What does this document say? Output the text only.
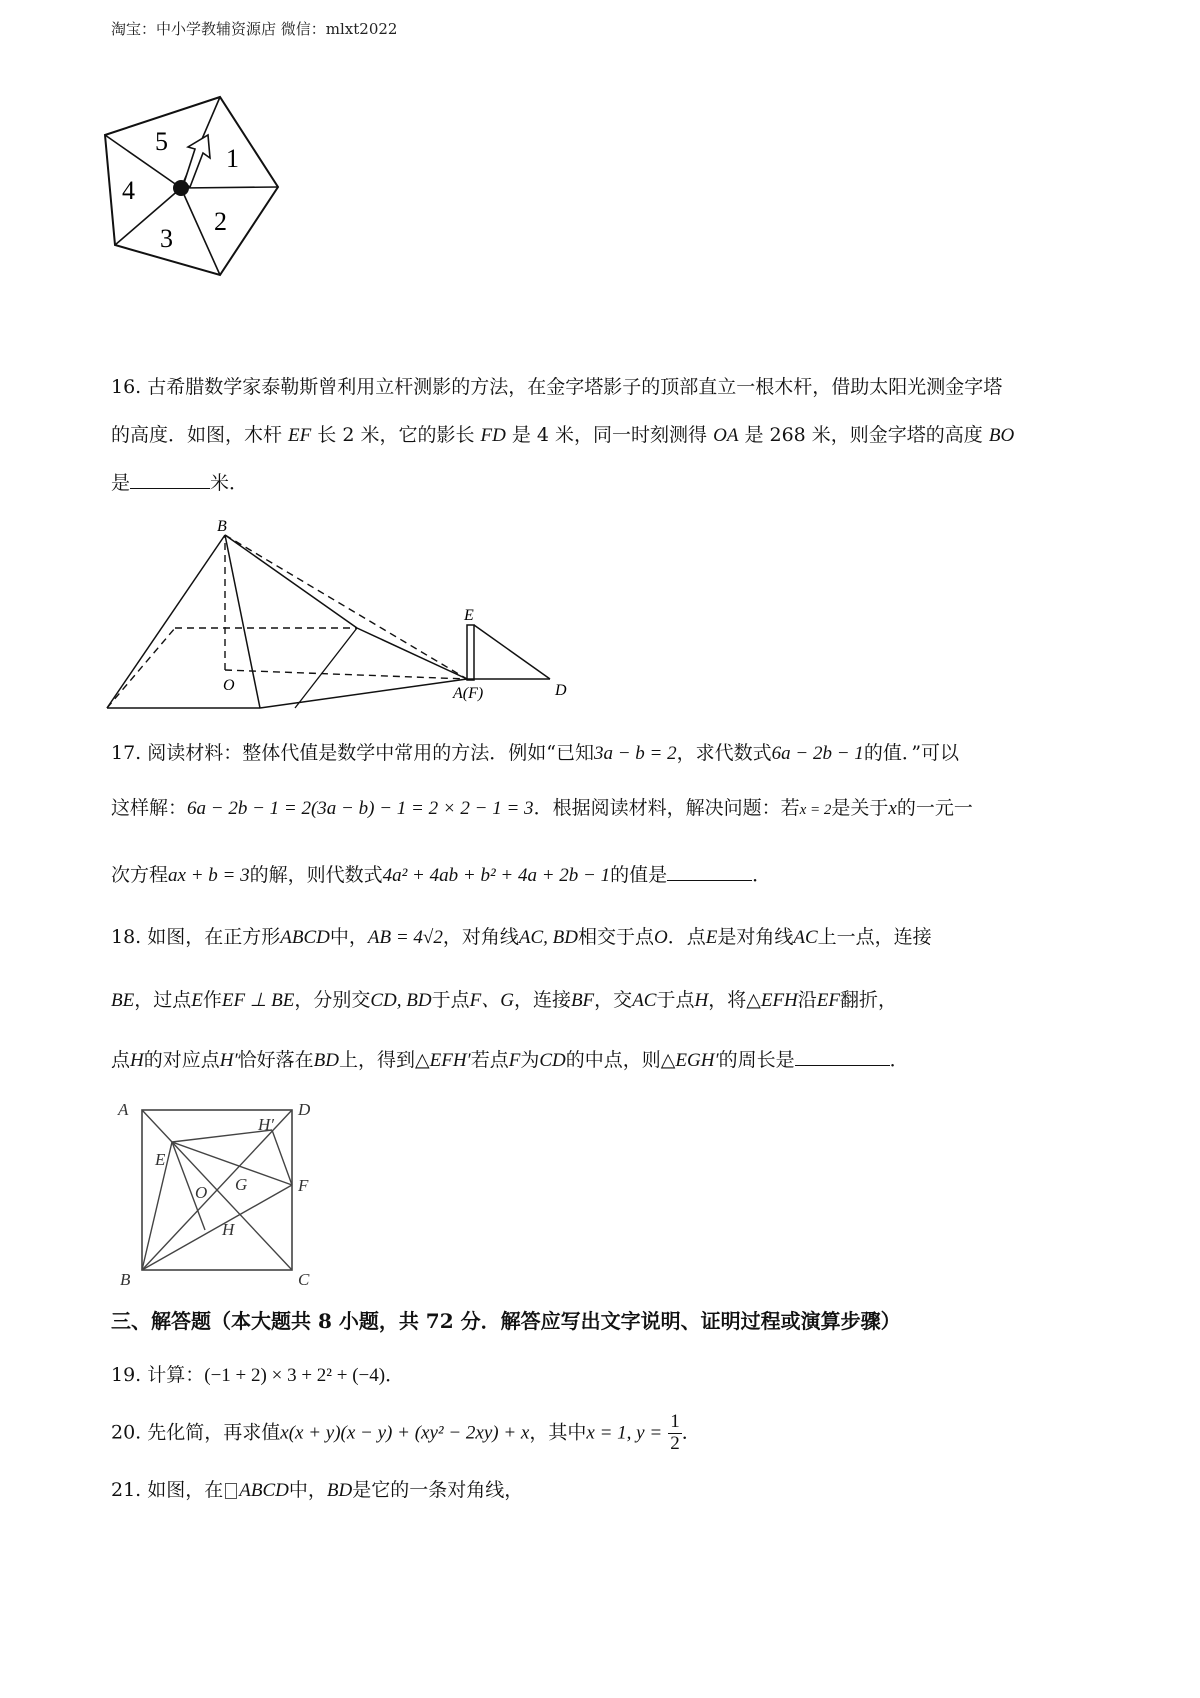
淘宝：中小学教辅资源店 微信：mlxt2022
5
1
2
3
4
16. 古希腊数学家泰勒斯曾利用立杆测影的方法，在金字塔影子的顶部直立一根木杆，借助太阳光测金字塔
的高度．如图，木杆 EF 长 2 米，它的影长 FD 是 4 米，同一时刻测得 OA 是 268 米，则金字塔的高度 BO
是	米．
B
O
E
A(F)	D
17. 阅读材料：整体代值是数学中常用的方法．例如“已知3a − b = 2，求代数式6a − 2b − 1的值．”可以
这样解：6a − 2b − 1 = 2(3a − b) − 1 = 2 × 2 − 1 = 3．根据阅读材料，解决问题：若x = 2是关于x的一元一
次方程ax + b = 3的解，则代数式4a² + 4ab + b² + 4a + 2b − 1的值是	．
18. 如图，在正方形ABCD中，AB = 4√2，对角线AC, BD相交于点O．点E是对角线AC上一点，连接
BE，过点E作EF ⊥ BE，分别交CD, BD于点F、G，连接BF，交AC于点H，将△EFH沿EF翻折，
点H的对应点H′恰好落在BD上，得到△EFH′若点F为CD的中点，则△EGH′的周长是	．
A	D
H′
E
F
G
O
H
B	C
三、解答题（本大题共 8 小题，共 72 分．解答应写出文字说明、证明过程或演算步骤）
19. 计算：(−1 + 2) × 3 + 2² + (−4)．
20. 先化简，再求值x(x + y)(x − y) + (xy² − 2xy) + x，其中x = 1, $y = \frac{1}{2}$ ．
21. 如图，在 ABCD中，BD是它的一条对角线，
